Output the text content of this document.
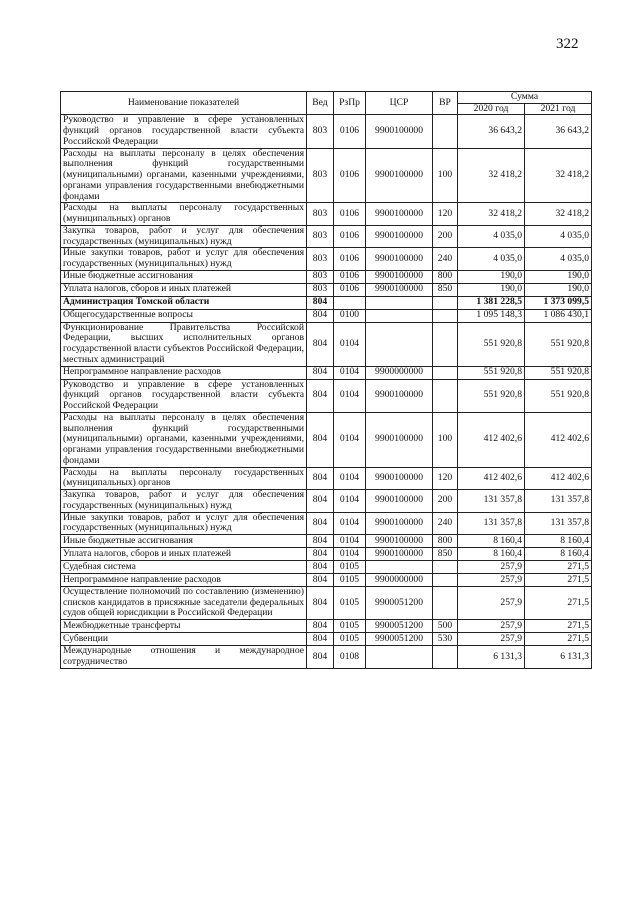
322
Наименование показателей	Вед	РзПр	ЦСР	ВР	Сумма	
					2020 год	2021 год
Руководство и управление в сфере установленных функций органов государственной власти субъекта Российской Федерации	803	0106	9900100000		36 643,2	36 643,2
Расходы на выплаты персоналу в целях обеспечения выполнения функций государственными (муниципальными) органами, казенными учреждениями, органами управления государственными внебюджетными фондами	803	0106	9900100000	100	32 418,2	32 418,2
Расходы на выплаты персоналу государственных (муниципальных) органов	803	0106	9900100000	120	32 418,2	32 418,2
Закупка товаров, работ и услуг для обеспечения государственных (муниципальных) нужд	803	0106	9900100000	200	4 035,0	4 035,0
Иные закупки товаров, работ и услуг для обеспечения государственных (муниципальных) нужд	803	0106	9900100000	240	4 035,0	4 035,0
Иные бюджетные ассигнования	803	0106	9900100000	800	190,0	190,0
Уплата налогов, сборов и иных платежей	803	0106	9900100000	850	190,0	190,0
Администрация Томской области	804				1 381 228,5	1 373 099,5
Общегосударственные вопросы	804	0100			1 095 148,3	1 086 430,1
Функционирование Правительства Российской Федерации, высших исполнительных органов государственной власти субъектов Российской Федерации, местных администраций	804	0104			551 920,8	551 920,8
Непрограммное направление расходов	804	0104	9900000000		551 920,8	551 920,8
Руководство и управление в сфере установленных функций органов государственной власти субъекта Российской Федерации	804	0104	9900100000		551 920,8	551 920,8
Расходы на выплаты персоналу в целях обеспечения выполнения функций государственными (муниципальными) органами, казенными учреждениями, органами управления государственными внебюджетными фондами	804	0104	9900100000	100	412 402,6	412 402,6
Расходы на выплаты персоналу государственных (муниципальных) органов	804	0104	9900100000	120	412 402,6	412 402,6
Закупка товаров, работ и услуг для обеспечения государственных (муниципальных) нужд	804	0104	9900100000	200	131 357,8	131 357,8
Иные закупки товаров, работ и услуг для обеспечения государственных (муниципальных) нужд	804	0104	9900100000	240	131 357,8	131 357,8
Иные бюджетные ассигнования	804	0104	9900100000	800	8 160,4	8 160,4
Уплата налогов, сборов и иных платежей	804	0104	9900100000	850	8 160,4	8 160,4
Судебная система	804	0105			257,9	271,5
Непрограммное направление расходов	804	0105	9900000000		257,9	271,5
Осуществление полномочий по составлению (изменению) списков кандидатов в присяжные заседатели федеральных судов общей юрисдикции в Российской Федерации	804	0105	9900051200		257,9	271,5
Межбюджетные трансферты	804	0105	9900051200	500	257,9	271,5
Субвенции	804	0105	9900051200	530	257,9	271,5
Международные отношения и международное сотрудничество	804	0108			6 131,3	6 131,3
